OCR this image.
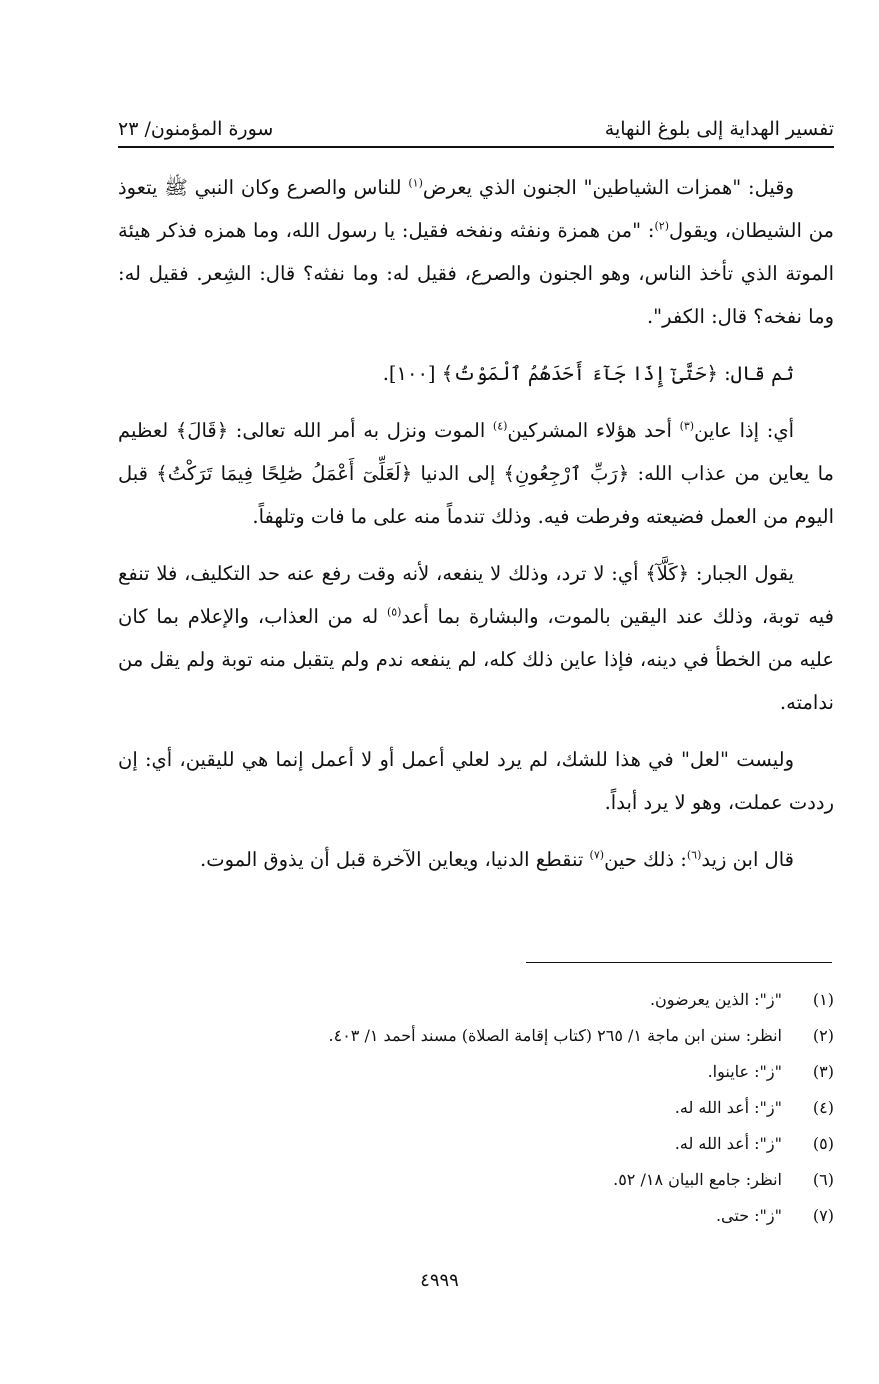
تفسير الهداية إلى بلوغ النهاية
سورة المؤمنون/ ٢٣

وقيل: "همزات الشياطين" الجنون الذي يعرض$^{(١)}$ للناس والصرع وكان النبي ﷺ يتعوذ من الشيطان، ويقول$^{(٢)}$: "من همزة ونفثه ونفخه فقيل: يا رسول الله، وما همزه فذكر هيئة الموتة الذي تأخذ الناس، وهو الجنون والصرع، فقيل له: وما نفثه؟ قال: الشِعر. فقيل له: وما نفخه؟ قال: الكفر".

ثم قال: ﴿حَتَّىٰٓ إِذَا جَآءَ أَحَدَهُمُ ٱلْمَوْتُ﴾ [١٠٠].

أي: إذا عاين$^{(٣)}$ أحد هؤلاء المشركين$^{(٤)}$ الموت ونزل به أمر الله تعالى: ﴿قَالَ﴾ لعظيم ما يعاين من عذاب الله: ﴿رَبِّ ٱرْجِعُونِ﴾ إلى الدنيا ﴿لَعَلِّىٓ أَعْمَلُ صَٰلِحًا فِيمَا تَرَكْتُ﴾ قبل اليوم من العمل فضيعته وفرطت فيه. وذلك تندماً منه على ما فات وتلهفاً.

يقول الجبار: ﴿كَلَّآ﴾ أي: لا ترد، وذلك لا ينفعه، لأنه وقت رفع عنه حد التكليف، فلا تنفع فيه توبة، وذلك عند اليقين بالموت، والبشارة بما أعد$^{(٥)}$ له من العذاب، والإعلام بما كان عليه من الخطأ في دينه، فإذا عاين ذلك كله، لم ينفعه ندم ولم يتقبل منه توبة ولم يقل من ندامته.

وليست "لعل" في هذا للشك، لم يرد لعلي أعمل أو لا أعمل إنما هي لليقين، أي: إن رددت عملت، وهو لا يرد أبداً.

قال ابن زيد$^{(٦)}$: ذلك حين$^{(٧)}$ تنقطع الدنيا، ويعاين الآخرة قبل أن يذوق الموت.

(١)
"ز": الذين يعرضون.
(٢)
انظر: سنن ابن ماجة ١/ ٢٦٥ (كتاب إقامة الصلاة) مسند أحمد ١/ ٤٠٣.
(٣)
"ز": عاينوا.
(٤)
"ز": أعد الله له.
(٥)
"ز": أعد الله له.
(٦)
انظر: جامع البيان ١٨/ ٥٢.
(٧)
"ز": حتى.
٤٩٩٩
